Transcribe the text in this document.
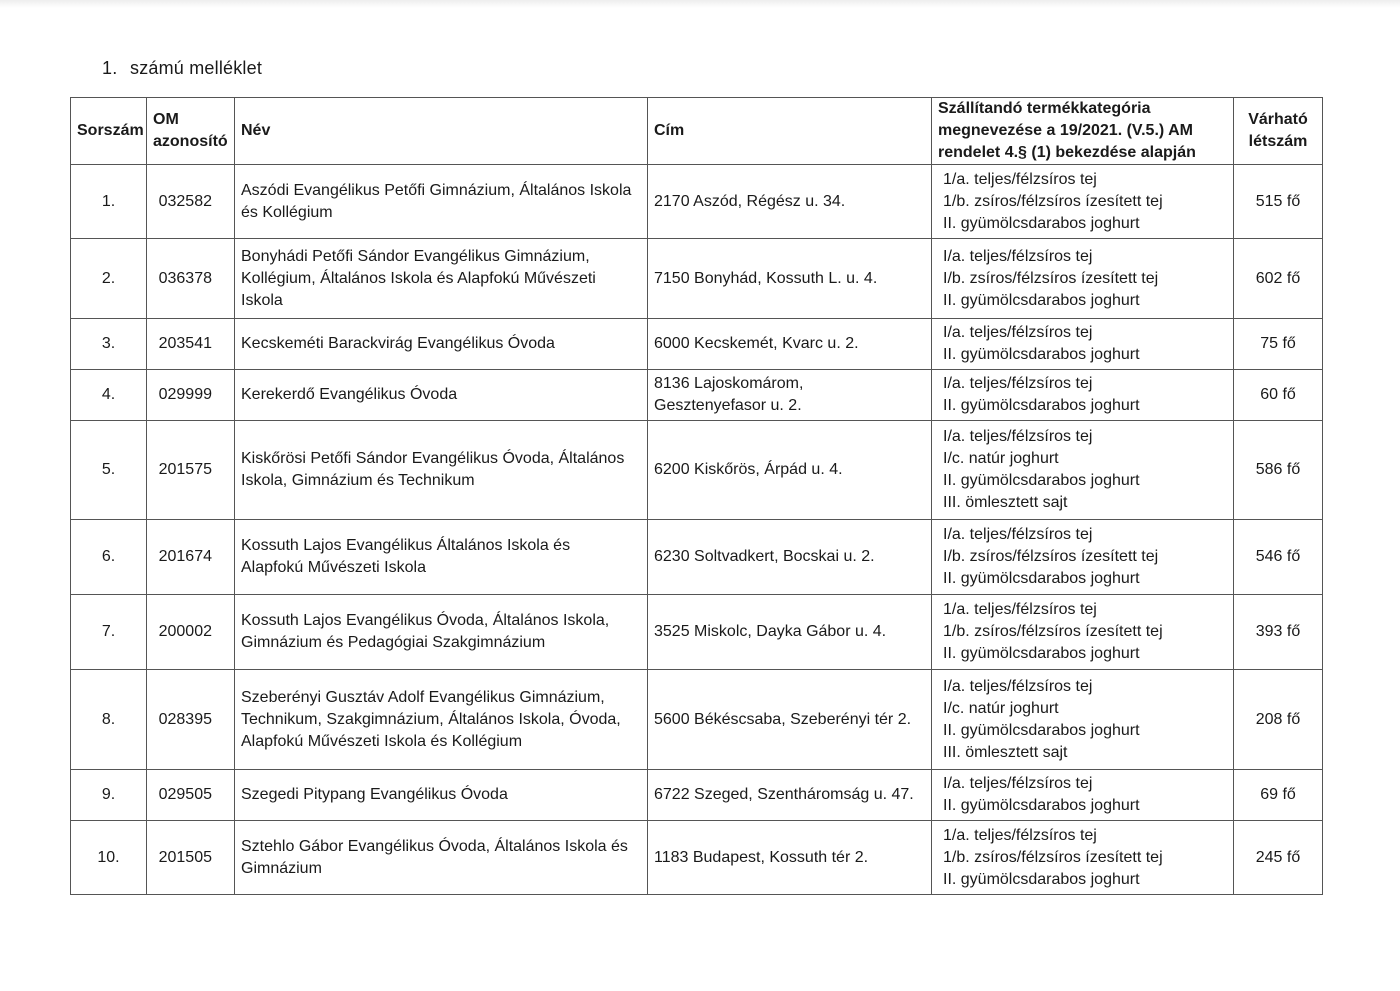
1. számú melléklet
Sorszám	OM
azonosító	Név	Cím	Szállítandó termékkategória
megnevezése a 19/2021. (V.5.) AM
rendelet 4.§ (1) bekezdése alapján	Várható
létszám

1.	032582	Aszódi Evangélikus Petőfi Gimnázium, Általános Iskola
és Kollégium	2170 Aszód, Régész u. 34.	1/a. teljes/félzsíros tej
1/b. zsíros/félzsíros ízesített tej
II. gyümölcsdarabos joghurt	515 fő
2.	036378	Bonyhádi Petőfi Sándor Evangélikus Gimnázium,
Kollégium, Általános Iskola és Alapfokú Művészeti
Iskola	7150 Bonyhád, Kossuth L. u. 4.	I/a. teljes/félzsíros tej
I/b. zsíros/félzsíros ízesített tej
II. gyümölcsdarabos joghurt	602 fő
3.	203541	Kecskeméti Barackvirág Evangélikus Óvoda	6000 Kecskemét, Kvarc u. 2.	I/a. teljes/félzsíros tej
II. gyümölcsdarabos joghurt	75 fő
4.	029999	Kerekerdő Evangélikus Óvoda	8136 Lajoskomárom,
Gesztenyefasor u. 2.	I/a. teljes/félzsíros tej
II. gyümölcsdarabos joghurt	60 fő
5.	201575	Kiskőrösi Petőfi Sándor Evangélikus Óvoda, Általános
Iskola, Gimnázium és Technikum	6200 Kiskőrös, Árpád u. 4.	I/a. teljes/félzsíros tej
I/c. natúr joghurt
II. gyümölcsdarabos joghurt
III. ömlesztett sajt	586 fő
6.	201674	Kossuth Lajos Evangélikus Általános Iskola és
Alapfokú Művészeti Iskola	6230 Soltvadkert, Bocskai u. 2.	I/a. teljes/félzsíros tej
I/b. zsíros/félzsíros ízesített tej
II. gyümölcsdarabos joghurt	546 fő
7.	200002	Kossuth Lajos Evangélikus Óvoda, Általános Iskola,
Gimnázium és Pedagógiai Szakgimnázium	3525 Miskolc, Dayka Gábor u. 4.	1/a. teljes/félzsíros tej
1/b. zsíros/félzsíros ízesített tej
II. gyümölcsdarabos joghurt	393 fő
8.	028395	Szeberényi Gusztáv Adolf Evangélikus Gimnázium,
Technikum, Szakgimnázium, Általános Iskola, Óvoda,
Alapfokú Művészeti Iskola és Kollégium	5600 Békéscsaba, Szeberényi tér 2.	I/a. teljes/félzsíros tej
I/c. natúr joghurt
II. gyümölcsdarabos joghurt
III. ömlesztett sajt	208 fő
9.	029505	Szegedi Pitypang Evangélikus Óvoda	6722 Szeged, Szentháromság u. 47.	I/a. teljes/félzsíros tej
II. gyümölcsdarabos joghurt	69 fő
10.	201505	Sztehlo Gábor Evangélikus Óvoda, Általános Iskola és
Gimnázium	1183 Budapest, Kossuth tér 2.	1/a. teljes/félzsíros tej
1/b. zsíros/félzsíros ízesített tej
II. gyümölcsdarabos joghurt	245 fő
